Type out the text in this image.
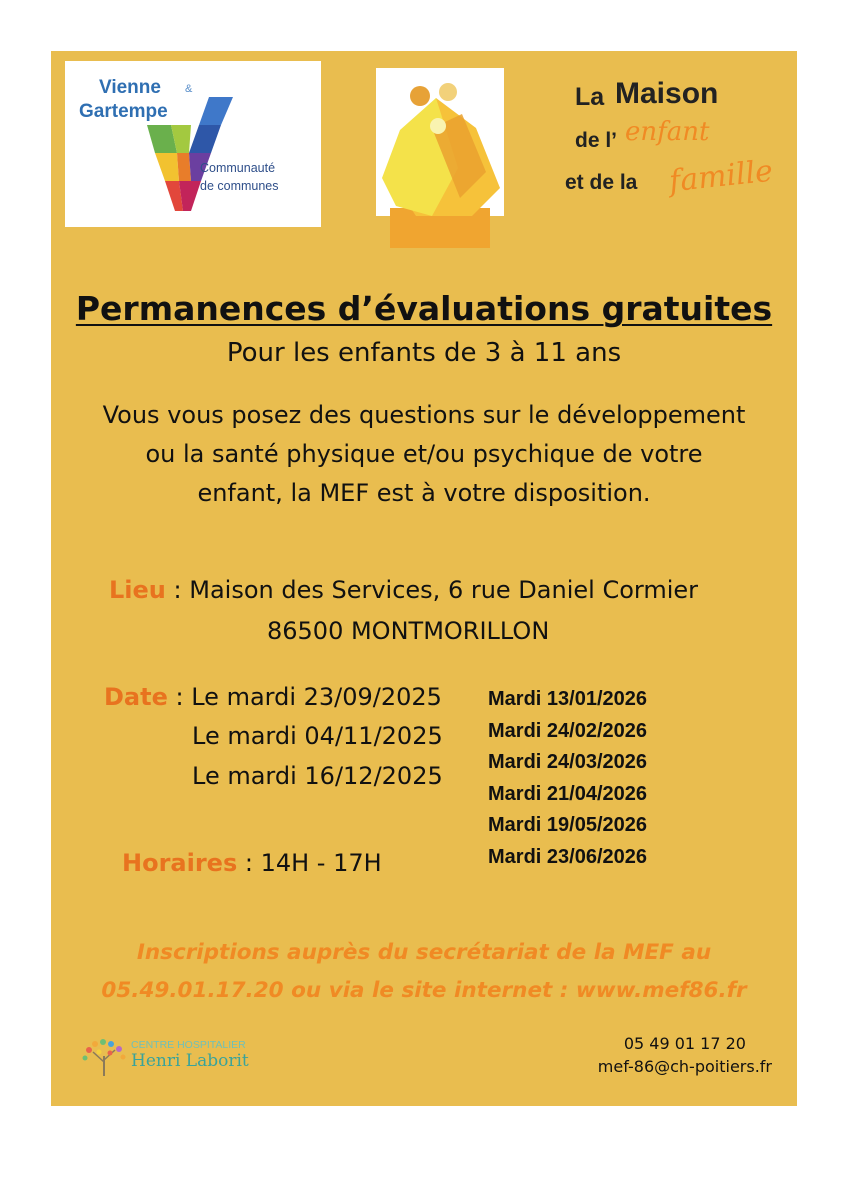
Vienne &
Gartempe
Communauté
de communes
La Maison
de l’ enfant
et de la famille
Permanences d’évaluations gratuites
Pour les enfants de 3 à 11 ans
Vous vous posez des questions sur le développement
ou la santé physique et/ou psychique de votre
enfant, la MEF est à votre disposition.
Lieu : Maison des Services, 6 rue Daniel Cormier
86500 MONTMORILLON
Date : Le mardi 23/09/2025
Le mardi 04/11/2025
Le mardi 16/12/2025
Mardi 13/01/2026
Mardi 24/02/2026
Mardi 24/03/2026
Mardi 21/04/2026
Mardi 19/05/2026
Mardi 23/06/2026
Horaires : 14H - 17H
Inscriptions auprès du secrétariat de la MEF au
05.49.01.17.20 ou via le site internet : www.mef86.fr
CENTRE HOSPITALIER
Henri Laborit
05 49 01 17 20
mef-86@ch-poitiers.fr
